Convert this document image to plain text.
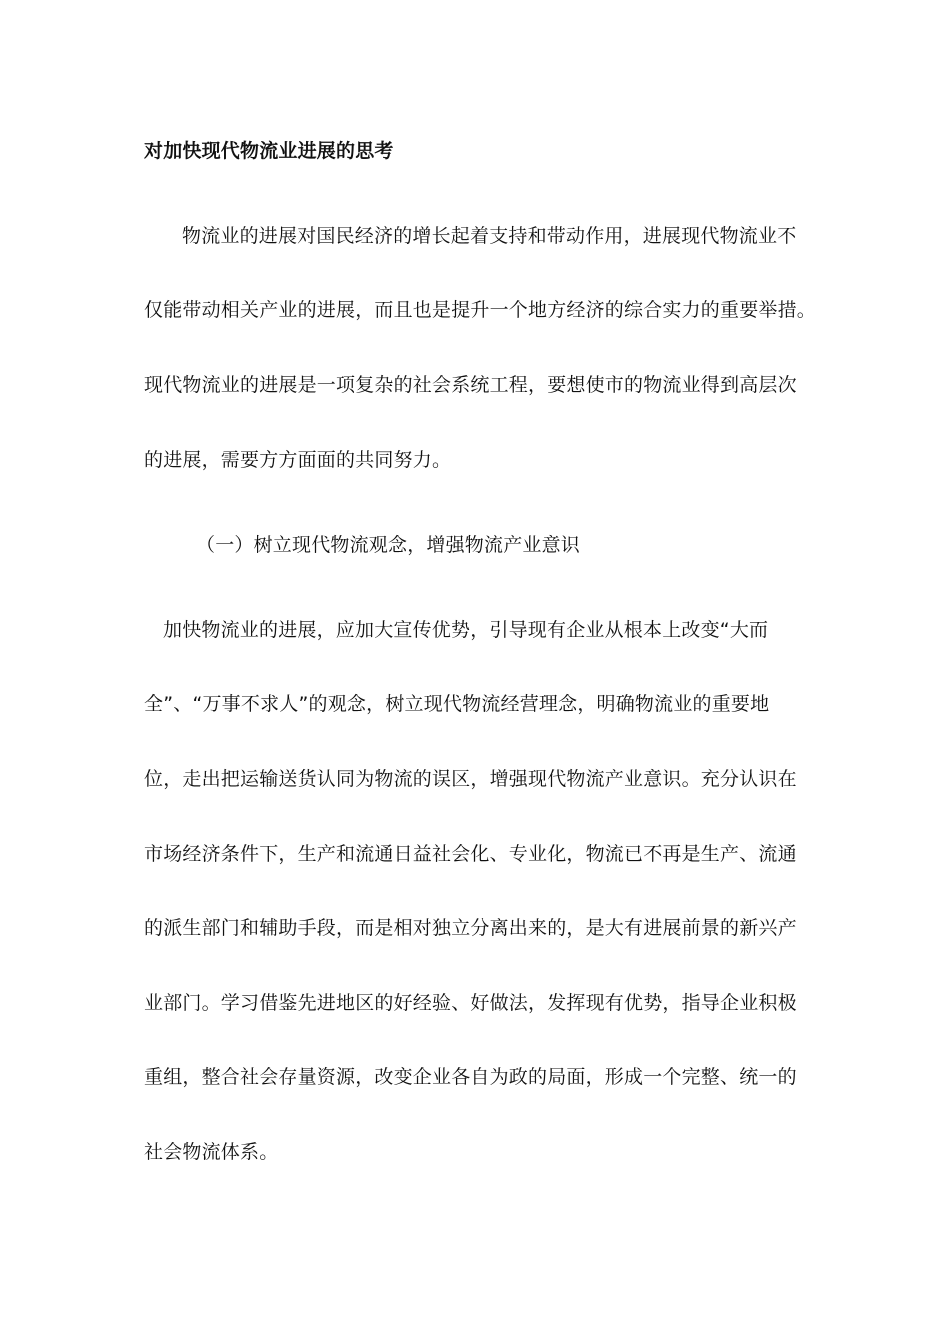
对加快现代物流业进展的思考
物流业的进展对国民经济的增长起着支持和带动作用，进展现代物流业不
仅能带动相关产业的进展，而且也是提升一个地方经济的综合实力的重要举措。
现代物流业的进展是一项复杂的社会系统工程，要想使市的物流业得到高层次
的进展，需要方方面面的共同努力。
（一）树立现代物流观念，增强物流产业意识
加快物流业的进展，应加大宣传优势，引导现有企业从根本上改变“大而
全”、“万事不求人”的观念，树立现代物流经营理念，明确物流业的重要地
位，走出把运输送货认同为物流的误区，增强现代物流产业意识。充分认识在
市场经济条件下，生产和流通日益社会化、专业化，物流已不再是生产、流通
的派生部门和辅助手段，而是相对独立分离出来的，是大有进展前景的新兴产
业部门。学习借鉴先进地区的好经验、好做法，发挥现有优势，指导企业积极
重组，整合社会存量资源，改变企业各自为政的局面，形成一个完整、统一的
社会物流体系。
